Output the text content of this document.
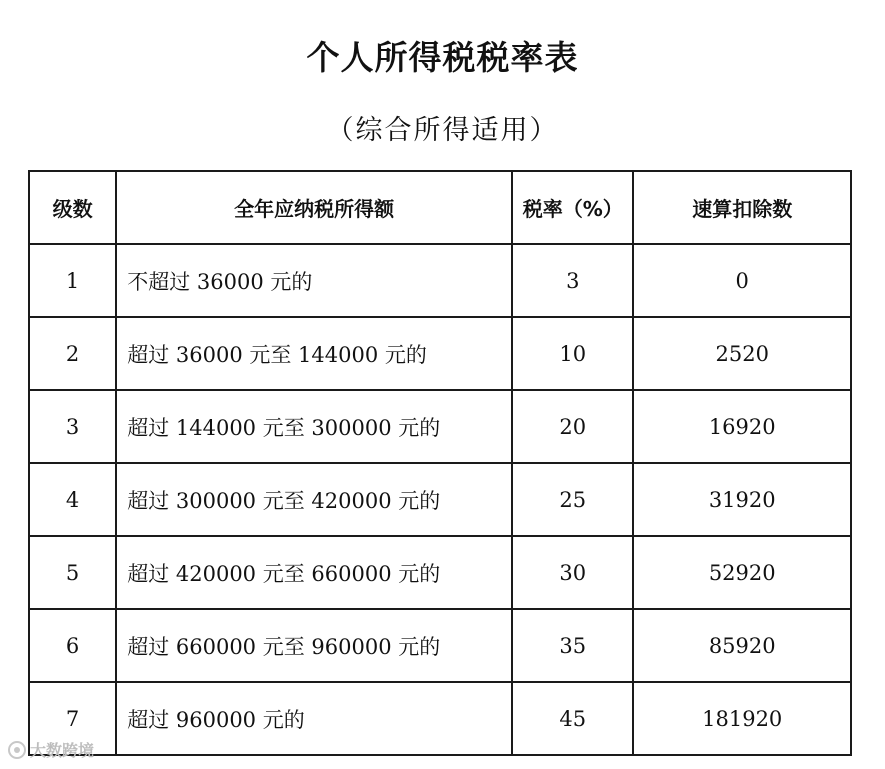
个人所得税税率表
（综合所得适用）
级数	全年应纳税所得额	税率（%）	速算扣除数
1	不超过 36000 元的	3	0
2	超过 36000 元至 144000 元的	10	2520
3	超过 144000 元至 300000 元的	20	16920
4	超过 300000 元至 420000 元的	25	31920
5	超过 420000 元至 660000 元的	30	52920
6	超过 660000 元至 960000 元的	35	85920
7	超过 960000 元的	45	181920
大数跨境
